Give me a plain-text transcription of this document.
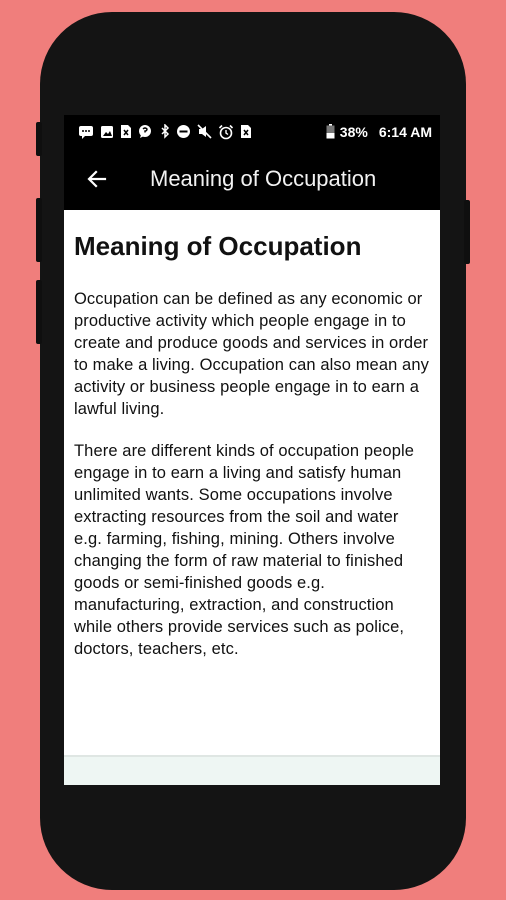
38% 6:14 AM
Meaning of Occupation
Meaning of Occupation

Occupation can be defined as any economic or productive activity which people engage in to create and produce goods and services in order to make a living. Occupation can also mean any activity or business people engage in to earn a lawful living.

There are different kinds of occupation people engage in to earn a living and satisfy human unlimited wants. Some occupations involve extracting resources from the soil and water e.g. farming, fishing, mining. Others involve changing the form of raw material to finished goods or semi-finished goods e.g. manufacturing, extraction, and construction while others provide services such as police, doctors, teachers, etc.
